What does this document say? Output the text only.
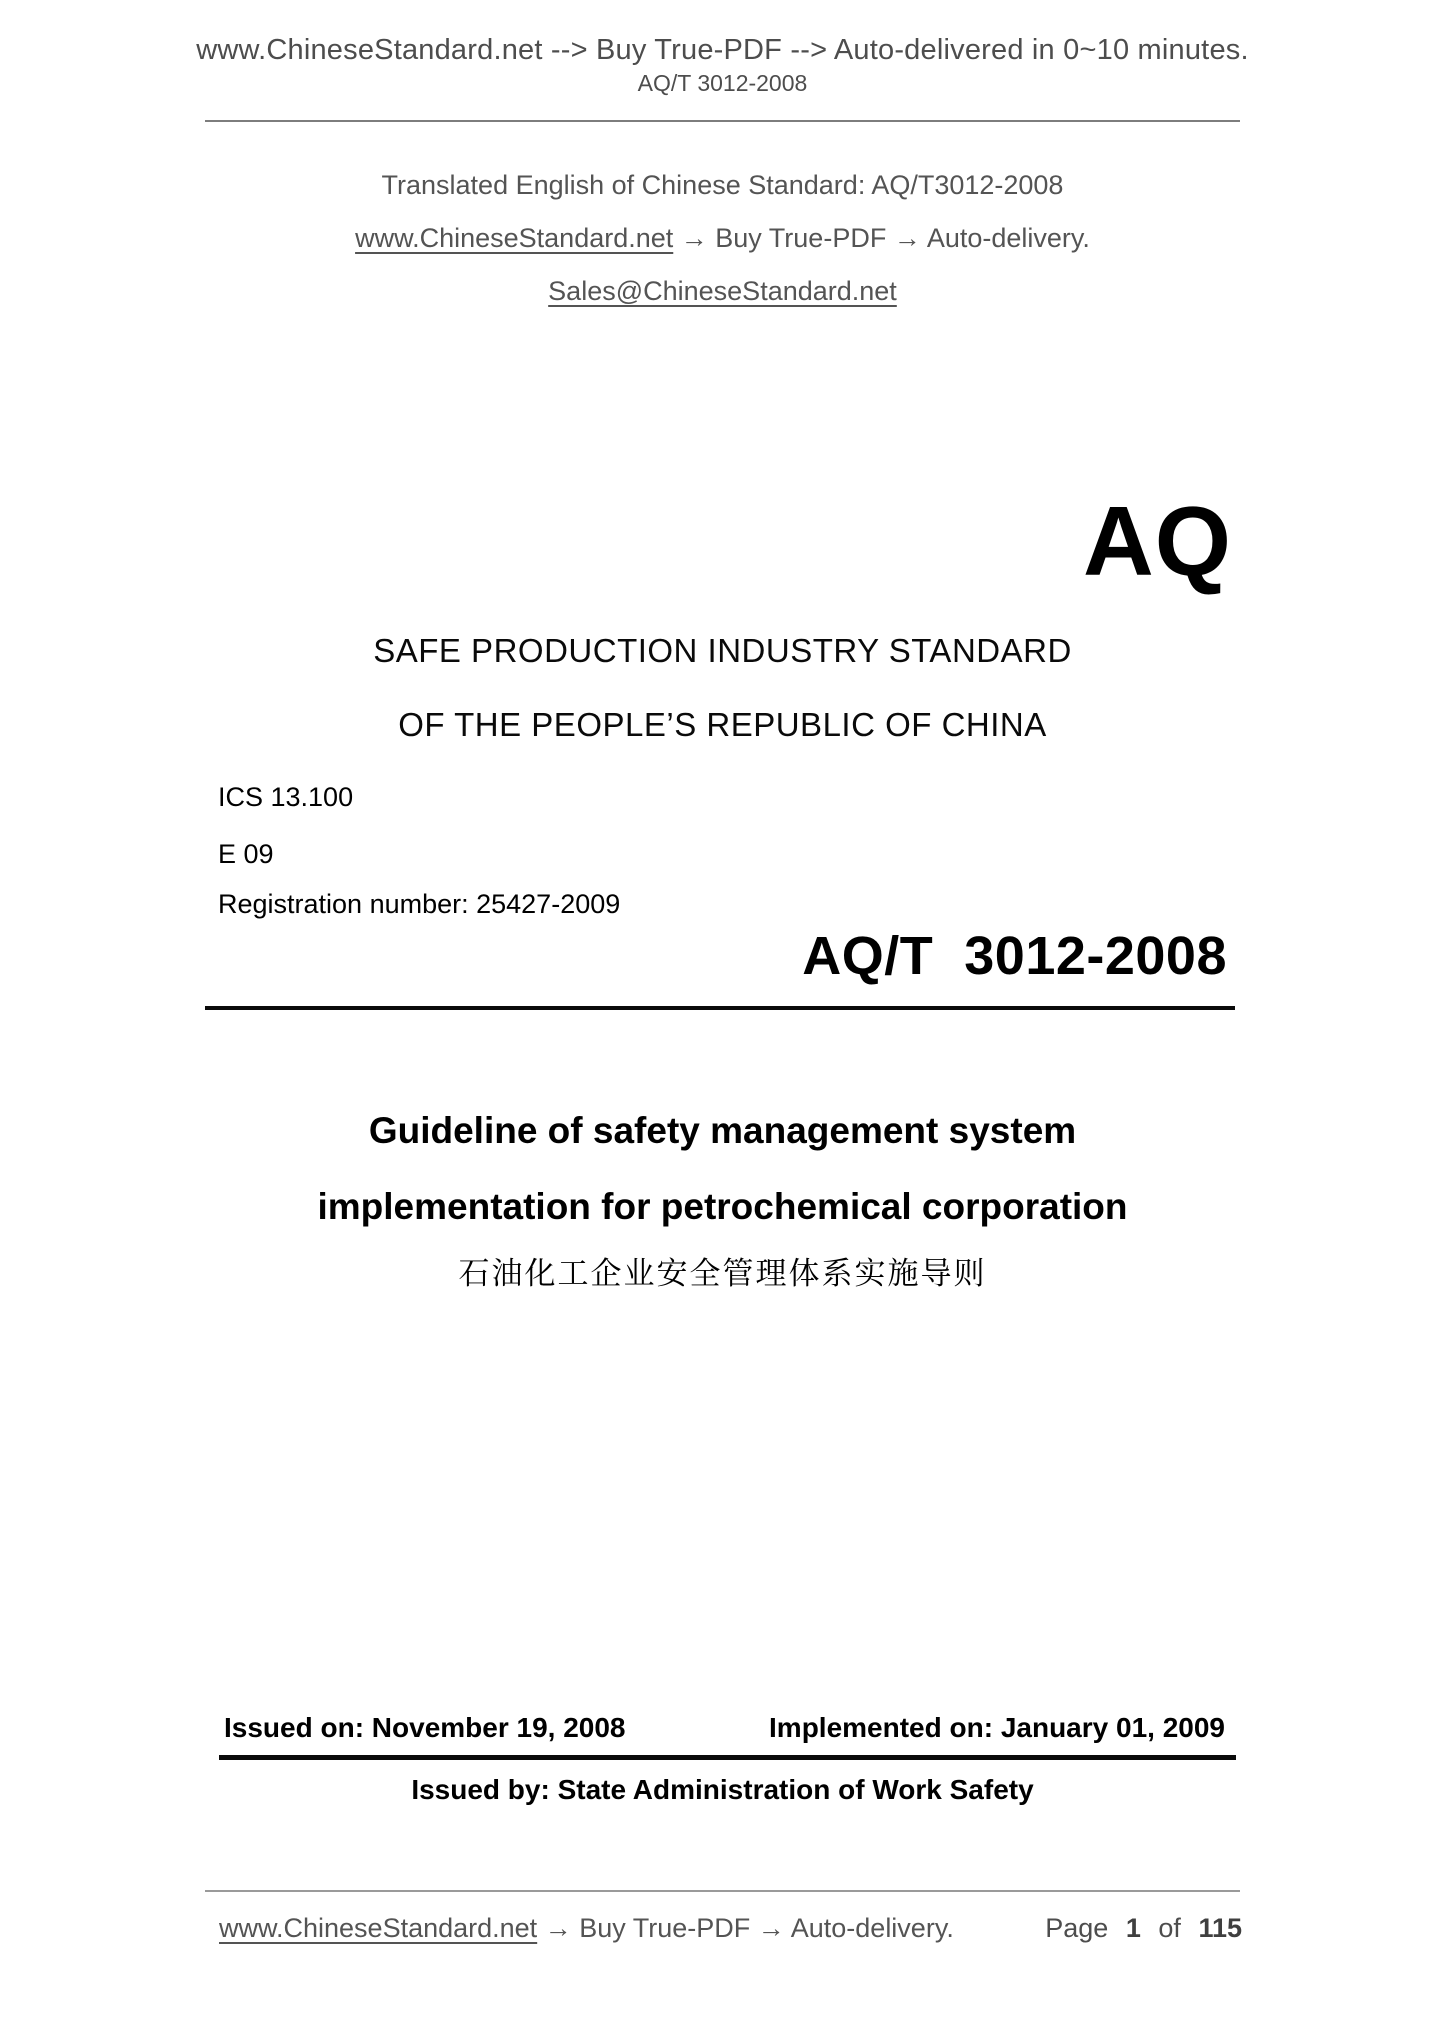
www.ChineseStandard.net --> Buy True-PDF --> Auto-delivered in 0~10 minutes.
AQ/T 3012-2008
Translated English of Chinese Standard: AQ/T3012-2008
www.ChineseStandard.net → Buy True-PDF → Auto-delivery.
Sales@ChineseStandard.net
AQ
SAFE PRODUCTION INDUSTRY STANDARD
OF THE PEOPLE’S REPUBLIC OF CHINA
ICS 13.100
E 09
Registration number: 25427-2009
AQ/T  3012-2008
Guideline of safety management system
implementation for petrochemical corporation
石油化工企业安全管理体系实施导则
Issued on: November 19, 2008	Implemented on: January 01, 2009
Issued by: State Administration of Work Safety
www.ChineseStandard.net → Buy True-PDF → Auto-delivery.	Page 1 of 115
